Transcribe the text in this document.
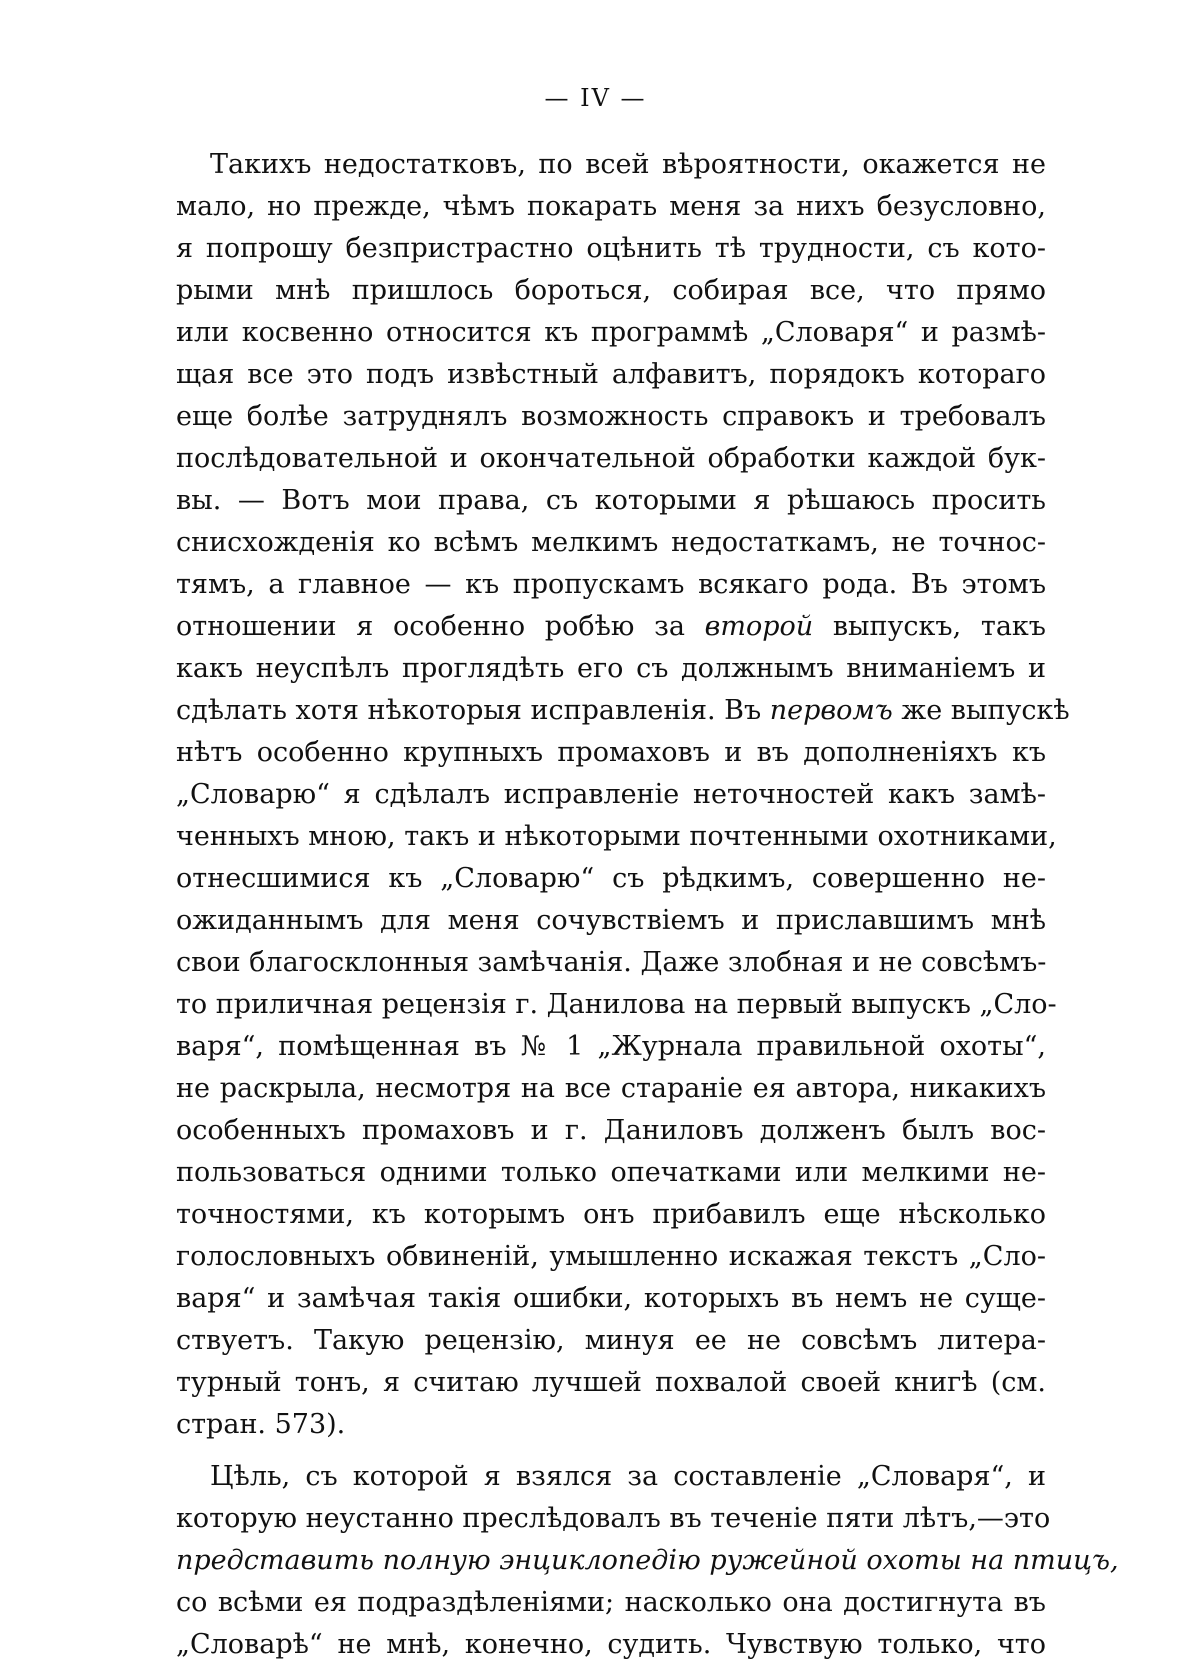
— IV —
Такихъ недостатковъ, по всей вѣроятности, окажется не
мало, но прежде, чѣмъ покарать меня за нихъ безусловно,
я попрошу безпристрастно оцѣнить тѣ трудности, съ кото-
рыми мнѣ пришлось бороться, собирая все, что прямо
или косвенно относится къ программѣ „Словаря“ и размѣ-
щая все это подъ извѣстный алфавитъ, порядокъ котораго
еще болѣе затруднялъ возможность справокъ и требовалъ
послѣдовательной и окончательной обработки каждой бук-
вы. — Вотъ мои права, съ которыми я рѣшаюсь просить
снисхожденія ко всѣмъ мелкимъ недостаткамъ, не точнос-
тямъ, а главное — къ пропускамъ всякаго рода. Въ этомъ
отношении я особенно робѣю за второй выпускъ, такъ
какъ неуспѣлъ проглядѣть его съ должнымъ вниманіемъ и
сдѣлать хотя нѣкоторыя исправленія. Въ первомъ же выпускѣ
нѣтъ особенно крупныхъ промаховъ и въ дополненіяхъ къ
„Словарю“ я сдѣлалъ исправленіе неточностей какъ замѣ-
ченныхъ мною, такъ и нѣкоторыми почтенными охотниками,
отнесшимися къ „Словарю“ съ рѣдкимъ, совершенно не-
ожиданнымъ для меня сочувствіемъ и приславшимъ мнѣ
свои благосклонныя замѣчанія. Даже злобная и не совсѣмъ-
то приличная рецензія г. Данилова на первый выпускъ „Сло-
варя“, помѣщенная въ № 1 „Журнала правильной охоты“,
не раскрыла, несмотря на все стараніе ея автора, никакихъ
особенныхъ промаховъ и г. Даниловъ долженъ былъ вос-
пользоваться одними только опечатками или мелкими не-
точностями, къ которымъ онъ прибавилъ еще нѣсколько
голословныхъ обвиненій, умышленно искажая текстъ „Сло-
варя“ и замѣчая такія ошибки, которыхъ въ немъ не суще-
ствуетъ. Такую рецензію, минуя ее не совсѣмъ литера-
турный тонъ, я считаю лучшей похвалой своей книгѣ (см.
стран. 573).
Цѣль, съ которой я взялся за составленіе „Словаря“, и
которую неустанно преслѣдовалъ въ теченіе пяти лѣтъ,—это
представить полную энциклопедію ружейной охоты на птицъ,
со всѣми ея подраздѣленіями; насколько она достигнута въ
„Словарѣ“ не мнѣ, конечно, судить. Чувствую только, что
